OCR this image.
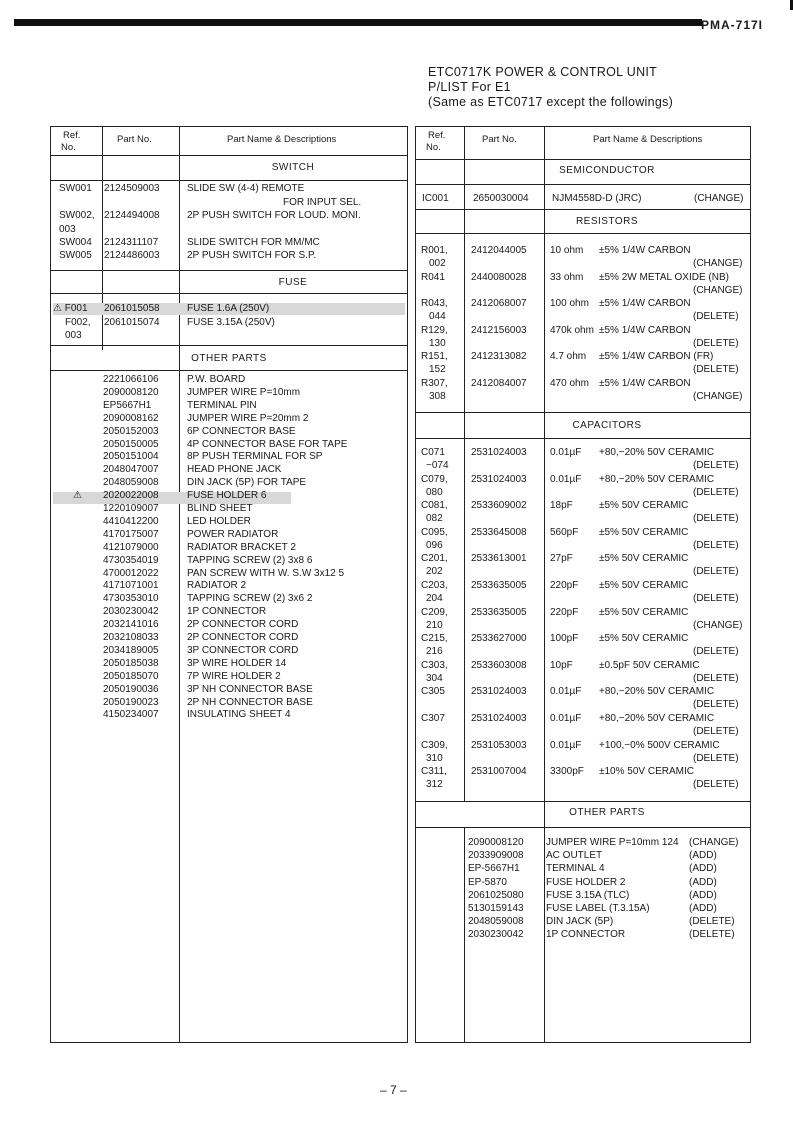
PMA-717I
ETC0717K POWER & CONTROL UNIT
P/LIST For E1
(Same as ETC0717 except the followings)
Ref.
No.
Part No.	Part Name & Descriptions
SWITCH
SW001 2124509003	SLIDE SW (4-4) REMOTE
FOR INPUT SEL.
SW002, 2124494008	2P PUSH SWITCH FOR LOUD. MONI.
003
SW004 2124311107	SLIDE SWITCH FOR MM/MC
SW005 2124486003	2P PUSH SWITCH FOR S.P.
FUSE
⚠ F001 2061015058	FUSE 1.6A (250V)
F002, 2061015074	FUSE 3.15A (250V)
003
OTHER PARTS
2221066106	P.W. BOARD
2090008120	JUMPER WIRE P=10mm
EP5667H1	TERMINAL PIN
2090008162	JUMPER WIRE P=20mm 2
2050152003	6P CONNECTOR BASE
2050150005	4P CONNECTOR BASE FOR TAPE
2050151004	8P PUSH TERMINAL FOR SP
2048047007	HEAD PHONE JACK
2048059008	DIN JACK (5P) FOR TAPE
⚠ 2020022008	FUSE HOLDER 6
1220109007	BLIND SHEET
4410412200	LED HOLDER
4170175007	POWER RADIATOR
4121079000	RADIATOR BRACKET 2
4730354019	TAPPING SCREW (2) 3x8 6
4700012022	PAN SCREW WITH W. S.W 3x12 5
4171071001	RADIATOR 2
4730353010	TAPPING SCREW (2) 3x6 2
2030230042	1P CONNECTOR
2032141016	2P CONNECTOR CORD
2032108033	2P CONNECTOR CORD
2034189005	3P CONNECTOR CORD
2050185038	3P WIRE HOLDER 14
2050185070	7P WIRE HOLDER 2
2050190036	3P NH CONNECTOR BASE
2050190023	2P NH CONNECTOR BASE
4150234007	INSULATING SHEET 4
Ref.
No.
Part No.	Part Name & Descriptions
SEMICONDUCTOR
IC001 2650030004 NJM4558D-D (JRC)	(CHANGE)
RESISTORS
R001, 2412044005 10 ohm ±5% 1/4W CARBON
002	(CHANGE)
R041	2440080028 33 ohm ±5% 2W METAL OXIDE (NB)
(CHANGE)
R043, 2412068007 100 ohm ±5% 1/4W CARBON
044	(DELETE)
R129, 2412156003 470k ohm ±5% 1/4W CARBON
130	(DELETE)
R151, 2412313082 4.7 ohm ±5% 1/4W CARBON (FR)
152	(DELETE)
R307, 2412084007 470 ohm ±5% 1/4W CARBON
308	(CHANGE)
CAPACITORS
C071	2531024003 0.01µF +80,−20% 50V CERAMIC
~074	(DELETE)
C079, 2531024003 0.01µF +80,−20% 50V CERAMIC
080	(DELETE)
C081, 2533609002 18pF	±5% 50V CERAMIC
082	(DELETE)
C095, 2533645008 560pF ±5% 50V CERAMIC
096	(DELETE)
C201, 2533613001 27pF	±5% 50V CERAMIC
202	(DELETE)
C203, 2533635005 220pF ±5% 50V CERAMIC
204	(DELETE)
C209, 2533635005 220pF ±5% 50V CERAMIC
210	(CHANGE)
C215, 2533627000 100pF ±5% 50V CERAMIC
216	(DELETE)
C303, 2533603008 10pF	±0.5pF 50V CERAMIC
304	(DELETE)
C305	2531024003 0.01µF +80,−20% 50V CERAMIC
(DELETE)
C307	2531024003 0.01µF +80,−20% 50V CERAMIC
(DELETE)
C309, 2531053003 0.01µF +100,−0% 500V CERAMIC
310	(DELETE)
C311, 2531007004 3300pF ±10% 50V CERAMIC
312	(DELETE)
OTHER PARTS
2090008120 JUMPER WIRE P=10mm 124 (CHANGE)
2033909008 AC OUTLET	(ADD)
EP-5667H1	TERMINAL 4	(ADD)
EP-5870	FUSE HOLDER 2	(ADD)
2061025080 FUSE 3.15A (TLC)	(ADD)
5130159143 FUSE LABEL (T.3.15A)	(ADD)
2048059008 DIN JACK (5P)	(DELETE)
2030230042 1P CONNECTOR	(DELETE)
– 7 –
